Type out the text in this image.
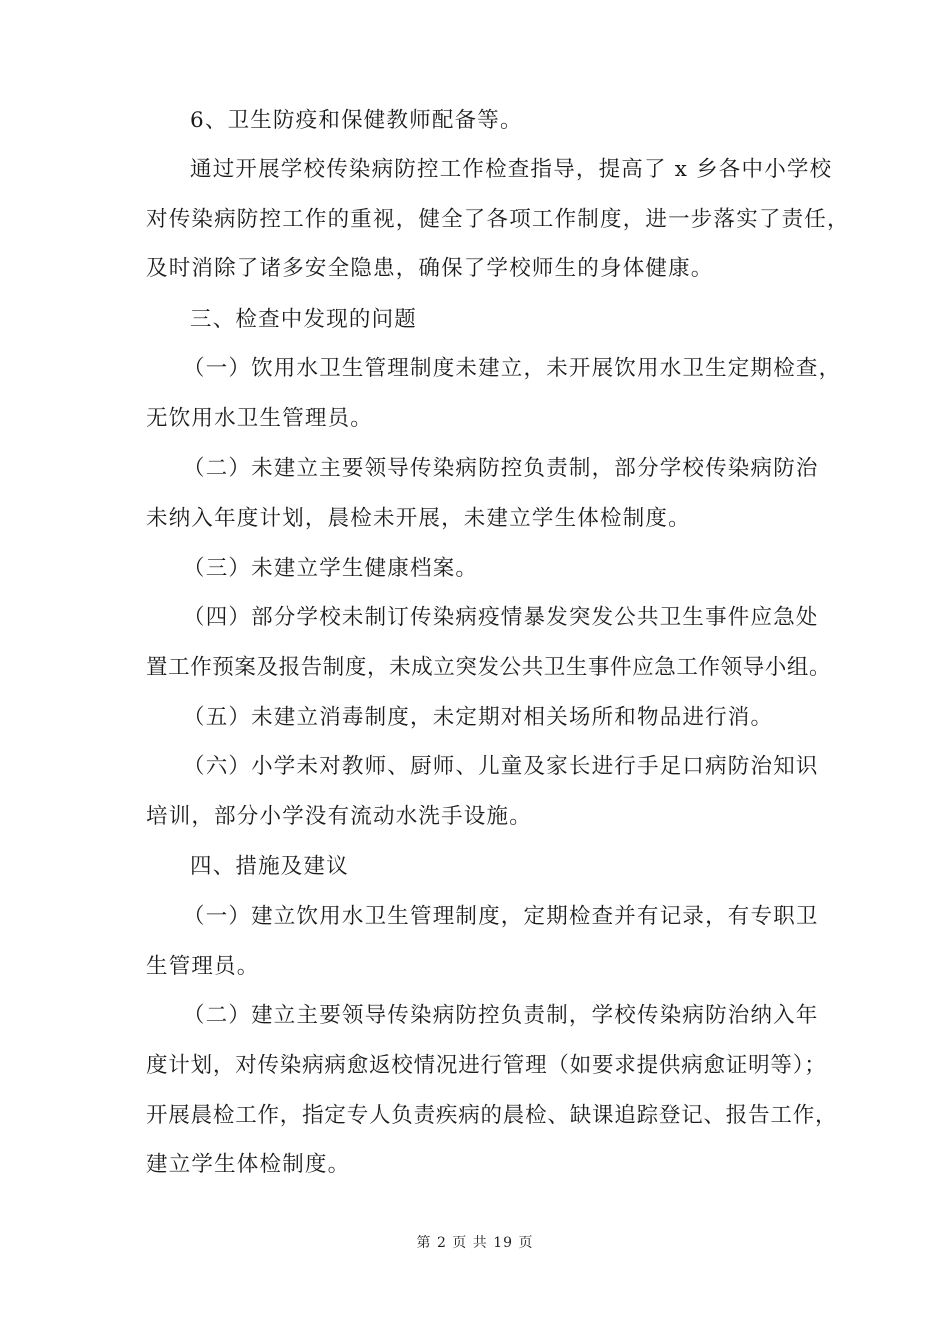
6、卫生防疫和保健教师配备等。
通过开展学校传染病防控工作检查指导，提高了 x 乡各中小学校
对传染病防控工作的重视，健全了各项工作制度，进一步落实了责任，
及时消除了诸多安全隐患，确保了学校师生的身体健康。
三、检查中发现的问题
（一）饮用水卫生管理制度未建立，未开展饮用水卫生定期检查，
无饮用水卫生管理员。
（二）未建立主要领导传染病防控负责制，部分学校传染病防治
未纳入年度计划，晨检未开展，未建立学生体检制度。
（三）未建立学生健康档案。
（四）部分学校未制订传染病疫情暴发突发公共卫生事件应急处
置工作预案及报告制度，未成立突发公共卫生事件应急工作领导小组。
（五）未建立消毒制度，未定期对相关场所和物品进行消。
（六）小学未对教师、厨师、儿童及家长进行手足口病防治知识
培训，部分小学没有流动水洗手设施。
四、措施及建议
（一）建立饮用水卫生管理制度，定期检查并有记录，有专职卫
生管理员。
（二）建立主要领导传染病防控负责制，学校传染病防治纳入年
度计划，对传染病病愈返校情况进行管理（如要求提供病愈证明等）；
开展晨检工作，指定专人负责疾病的晨检、缺课追踪登记、报告工作，
建立学生体检制度。
第 2 页 共 19 页
